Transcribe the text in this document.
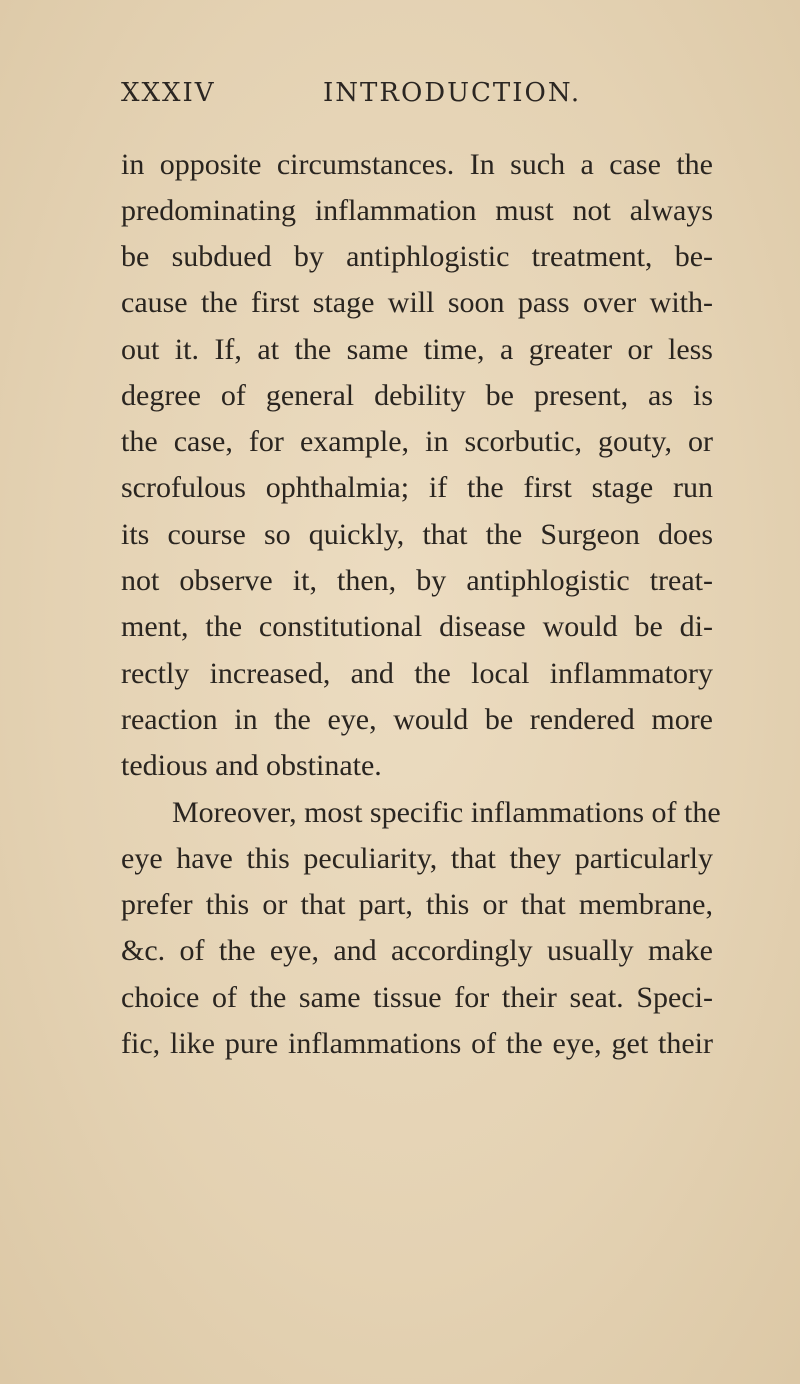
XXXIV	INTRODUCTION.
in opposite circumstances. In such a case the
predominating inflammation must not always
be subdued by antiphlogistic treatment, be-
cause the first stage will soon pass over with-
out it. If, at the same time, a greater or less
degree of general debility be present, as is
the case, for example, in scorbutic, gouty, or
scrofulous ophthalmia; if the first stage run
its course so quickly, that the Surgeon does
not observe it, then, by antiphlogistic treat-
ment, the constitutional disease would be di-
rectly increased, and the local inflammatory
reaction in the eye, would be rendered more
tedious and obstinate.
Moreover, most specific inflammations of the
eye have this peculiarity, that they particularly
prefer this or that part, this or that membrane,
&c. of the eye, and accordingly usually make
choice of the same tissue for their seat. Speci-
fic, like pure inflammations of the eye, get their
